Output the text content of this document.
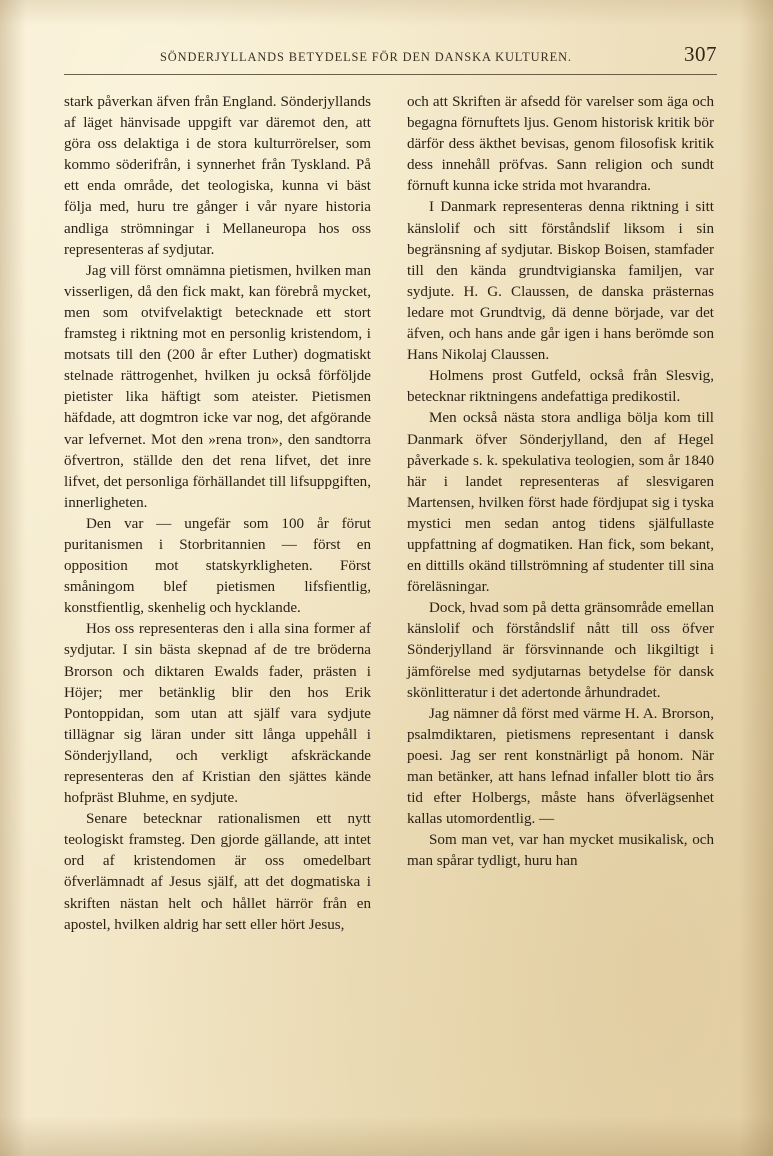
SÖNDERJYLLANDS BETYDELSE FÖR DEN DANSKA KULTUREN.	307

stark påverkan äfven från England. Sönderjyllands af läget hänvisade uppgift var däremot den, att göra oss delaktiga i de stora kulturrörelser, som kommo söderifrån, i synnerhet från Tyskland. På ett enda område, det teologiska, kunna vi bäst följa med, huru tre gånger i vår nyare historia andliga strömningar i Mellaneuropa hos oss representeras af sydjutar.

Jag vill först omnämna pietismen, hvilken man visserligen, då den fick makt, kan förebrå mycket, men som otvifvelaktigt betecknade ett stort framsteg i riktning mot en personlig kristendom, i motsats till den (200 år efter Luther) dogmatiskt stelnade rättrogenhet, hvilken ju också förföljde pietister lika häftigt som ateister. Pietismen häfdade, att dogmtron icke var nog, det afgörande var lefvernet. Mot den »rena tron», den sandtorra öfvertron, ställde den det rena lifvet, det inre lifvet, det personliga förhällandet till lifsuppgiften, innerligheten.

Den var — ungefär som 100 år förut puritanismen i Storbritannien — först en opposition mot statskyrkligheten. Först småningom blef pietismen lifsfientlig, konstfientlig, skenhelig och hycklande.

Hos oss representeras den i alla sina former af sydjutar. I sin bästa skepnad af de tre bröderna Brorson och diktaren Ewalds fader, prästen i Höjer; mer betänklig blir den hos Erik Pontoppidan, som utan att själf vara sydjute tillägnar sig läran under sitt långa uppehåll i Sönderjylland, och verkligt afskräckande representeras den af Kristian den sjättes kände hofpräst Bluhme, en sydjute.

Senare betecknar rationalismen ett nytt teologiskt framsteg. Den gjorde gällande, att intet ord af kristendomen är oss omedelbart öfverlämnadt af Jesus själf, att det dogmatiska i skriften nästan helt och hållet härrör från en apostel, hvilken aldrig har sett eller hört Jesus,

och att Skriften är afsedd för varelser som äga och begagna förnuftets ljus. Genom historisk kritik bör därför dess äkthet bevisas, genom filosofisk kritik dess innehåll pröfvas. Sann religion och sundt förnuft kunna icke strida mot hvarandra.

I Danmark representeras denna riktning i sitt känslolif och sitt förståndslif liksom i sin begränsning af sydjutar. Biskop Boisen, stamfader till den kända grundtvigianska familjen, var sydjute. H. G. Claussen, de danska prästernas ledare mot Grundtvig, dä denne började, var det äfven, och hans ande går igen i hans berömde son Hans Nikolaj Claussen.

Holmens prost Gutfeld, också från Slesvig, betecknar riktningens andefattiga predikostil.

Men också nästa stora andliga bölja kom till Danmark öfver Sönderjylland, den af Hegel påverkade s. k. spekulativa teologien, som år 1840 här i landet representeras af slesvigaren Martensen, hvilken först hade fördjupat sig i tyska mystici men sedan antog tidens själfullaste uppfattning af dogmatiken. Han fick, som bekant, en dittills okänd tillströmning af studenter till sina föreläsningar.

Dock, hvad som på detta gränsområde emellan känslolif och förståndslif nått till oss öfver Sönderjylland är försvinnande och likgiltigt i jämförelse med sydjutarnas betydelse för dansk skönlitteratur i det adertonde århundradet.

Jag nämner då först med värme H. A. Brorson, psalmdiktaren, pietismens representant i dansk poesi. Jag ser rent konstnärligt på honom. När man betänker, att hans lefnad infaller blott tio års tid efter Holbergs, måste hans öfverlägsenhet kallas utomordentlig. —

Som man vet, var han mycket musikalisk, och man spårar tydligt, huru han
